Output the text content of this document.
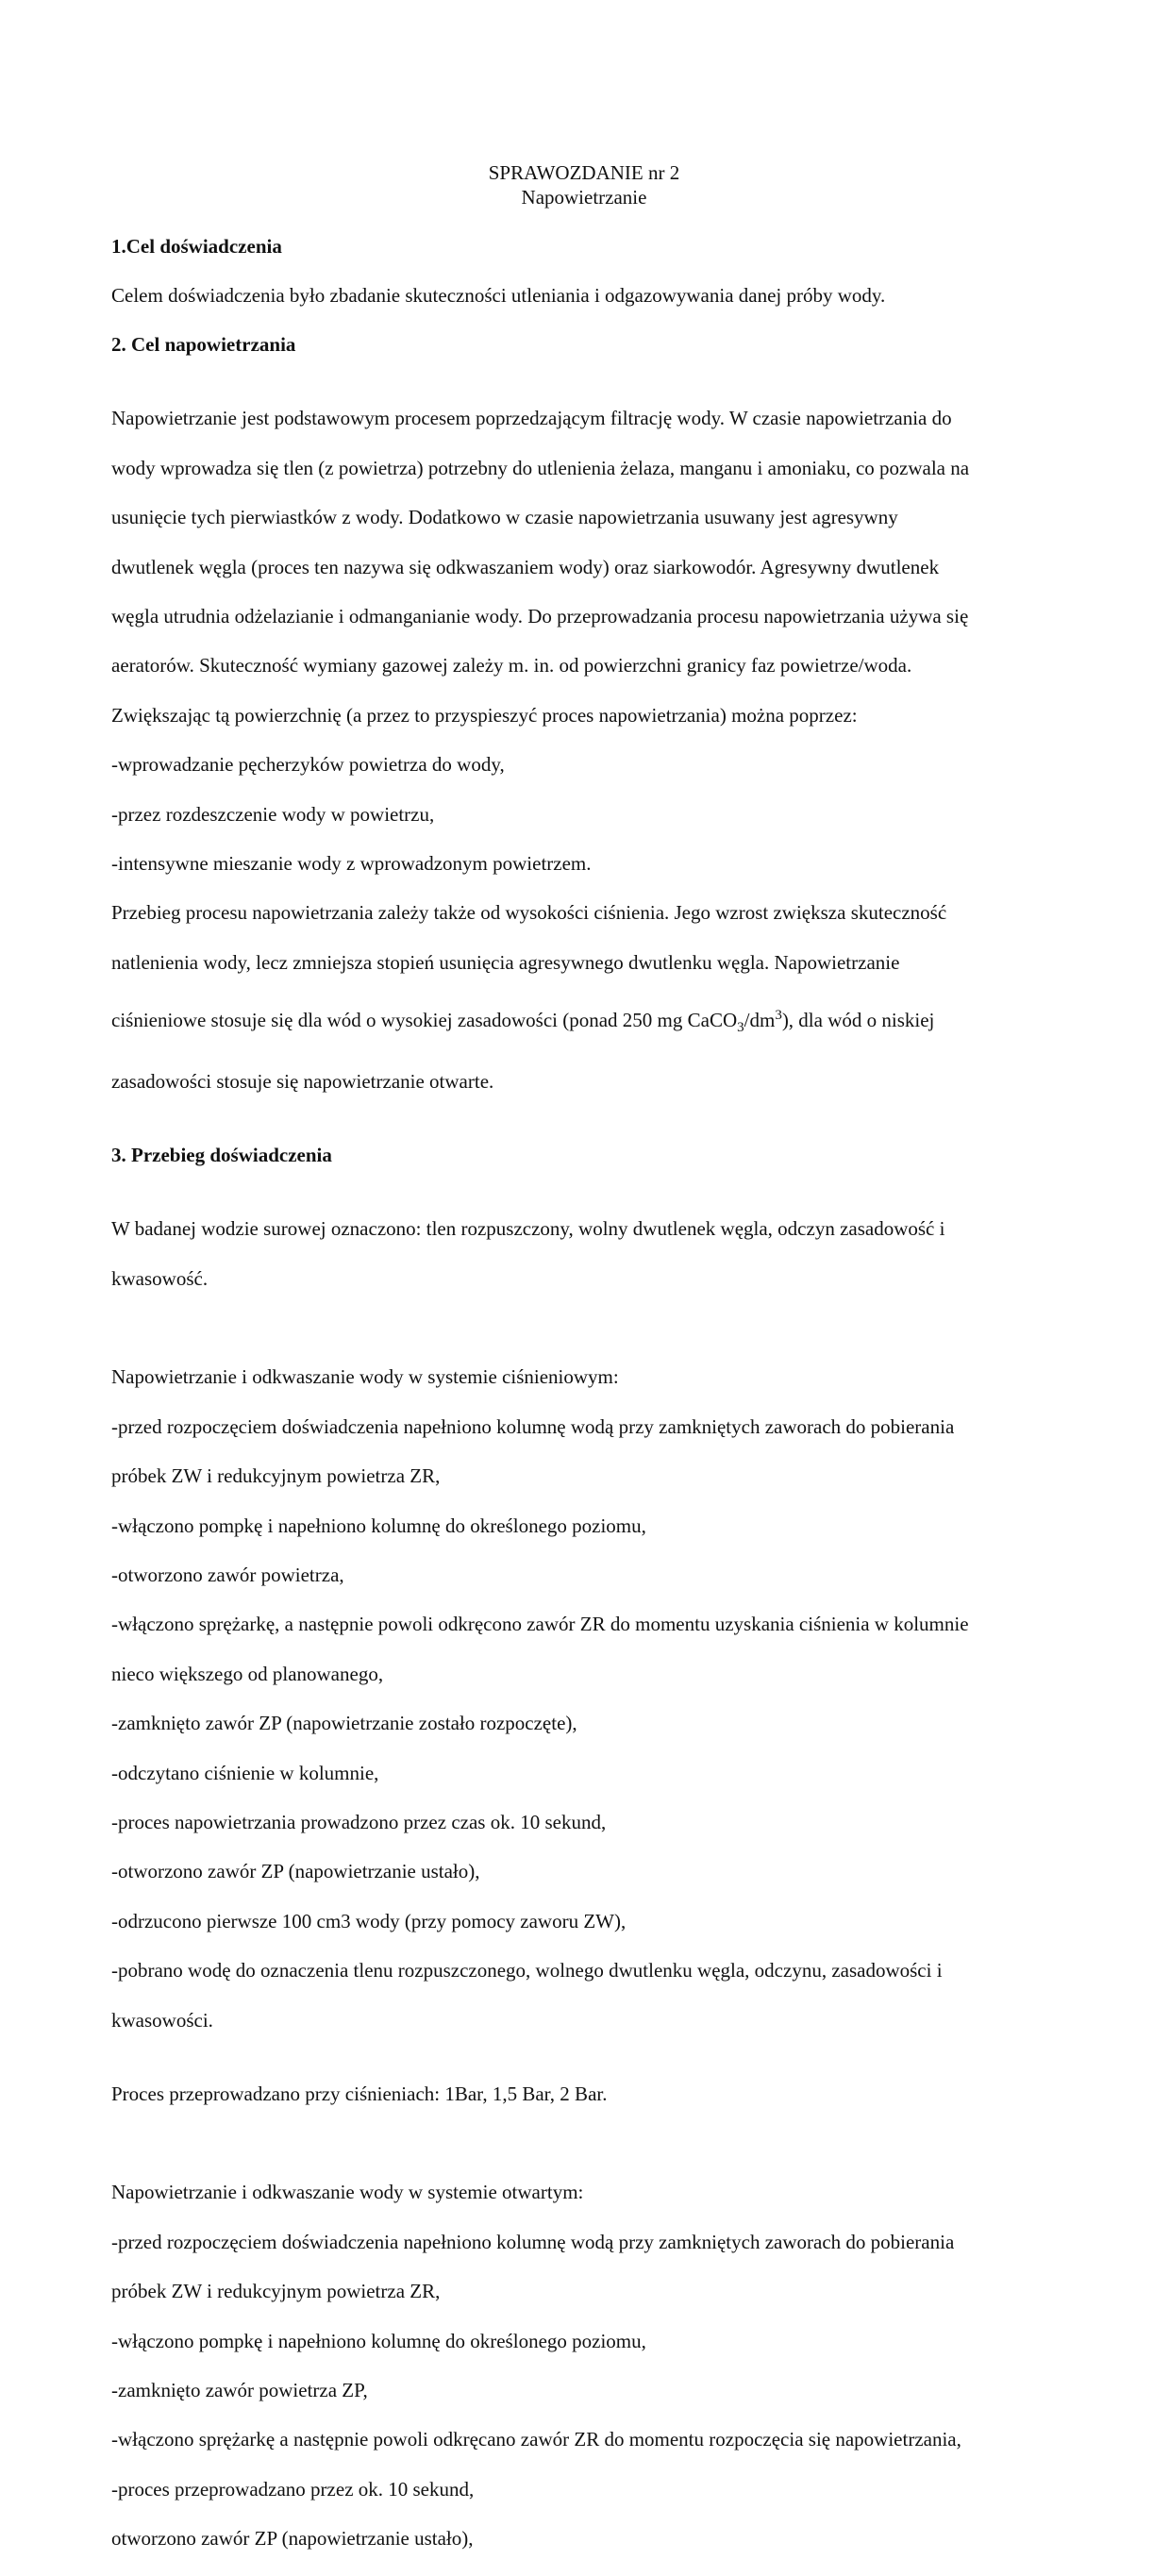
SPRAWOZDANIE nr 2
Napowietrzanie

1.Cel doświadczenia

Celem doświadczenia było zbadanie skuteczności utleniania i odgazowywania danej próby wody.

2. Cel napowietrzania

Napowietrzanie jest podstawowym procesem poprzedzającym filtrację wody. W czasie napowietrzania do

wody wprowadza się tlen (z powietrza) potrzebny do utlenienia żelaza, manganu i amoniaku, co pozwala na

usunięcie tych pierwiastków z wody. Dodatkowo w czasie napowietrzania usuwany jest agresywny

dwutlenek węgla (proces ten nazywa się odkwaszaniem wody) oraz siarkowodór. Agresywny dwutlenek

węgla utrudnia odżelazianie i odmanganianie wody. Do przeprowadzania procesu napowietrzania używa się

aeratorów. Skuteczność wymiany gazowej zależy m. in. od powierzchni granicy faz powietrze/woda.

Zwiększając tą powierzchnię (a przez to przyspieszyć proces napowietrzania) można poprzez:

-wprowadzanie pęcherzyków powietrza do wody,

-przez rozdeszczenie wody w powietrzu,

-intensywne mieszanie wody z wprowadzonym powietrzem.

Przebieg procesu napowietrzania zależy także od wysokości ciśnienia. Jego wzrost zwiększa skuteczność

natlenienia wody, lecz zmniejsza stopień usunięcia agresywnego dwutlenku węgla. Napowietrzanie

ciśnieniowe stosuje się dla wód o wysokiej zasadowości (ponad 250 mg $CaCO_3/dm^3$), dla wód o niskiej

zasadowości stosuje się napowietrzanie otwarte.

3. Przebieg doświadczenia

W badanej wodzie surowej oznaczono: tlen rozpuszczony, wolny dwutlenek węgla, odczyn zasadowość i

kwasowość.

Napowietrzanie i odkwaszanie wody w systemie ciśnieniowym:

-przed rozpoczęciem doświadczenia napełniono kolumnę wodą przy zamkniętych zaworach do pobierania

próbek ZW i redukcyjnym powietrza ZR,

-włączono pompkę i napełniono kolumnę do określonego poziomu,

-otworzono zawór powietrza,

-włączono sprężarkę, a następnie powoli odkręcono zawór ZR do momentu uzyskania ciśnienia w kolumnie

nieco większego od planowanego,

-zamknięto zawór ZP (napowietrzanie zostało rozpoczęte),

-odczytano ciśnienie w kolumnie,

-proces napowietrzania prowadzono przez czas ok. 10 sekund,

-otworzono zawór ZP (napowietrzanie ustało),

-odrzucono pierwsze 100 cm3 wody (przy pomocy zaworu ZW),

-pobrano wodę do oznaczenia tlenu rozpuszczonego, wolnego dwutlenku węgla, odczynu, zasadowości i

kwasowości.

Proces przeprowadzano przy ciśnieniach: 1Bar, 1,5 Bar, 2 Bar.

Napowietrzanie i odkwaszanie wody w systemie otwartym:

-przed rozpoczęciem doświadczenia napełniono kolumnę wodą przy zamkniętych zaworach do pobierania

próbek ZW i redukcyjnym powietrza ZR,

-włączono pompkę i napełniono kolumnę do określonego poziomu,

-zamknięto zawór powietrza ZP,

-włączono sprężarkę a następnie powoli odkręcano zawór ZR do momentu rozpoczęcia się napowietrzania,

-proces przeprowadzano przez ok. 10 sekund,

otworzono zawór ZP (napowietrzanie ustało),
